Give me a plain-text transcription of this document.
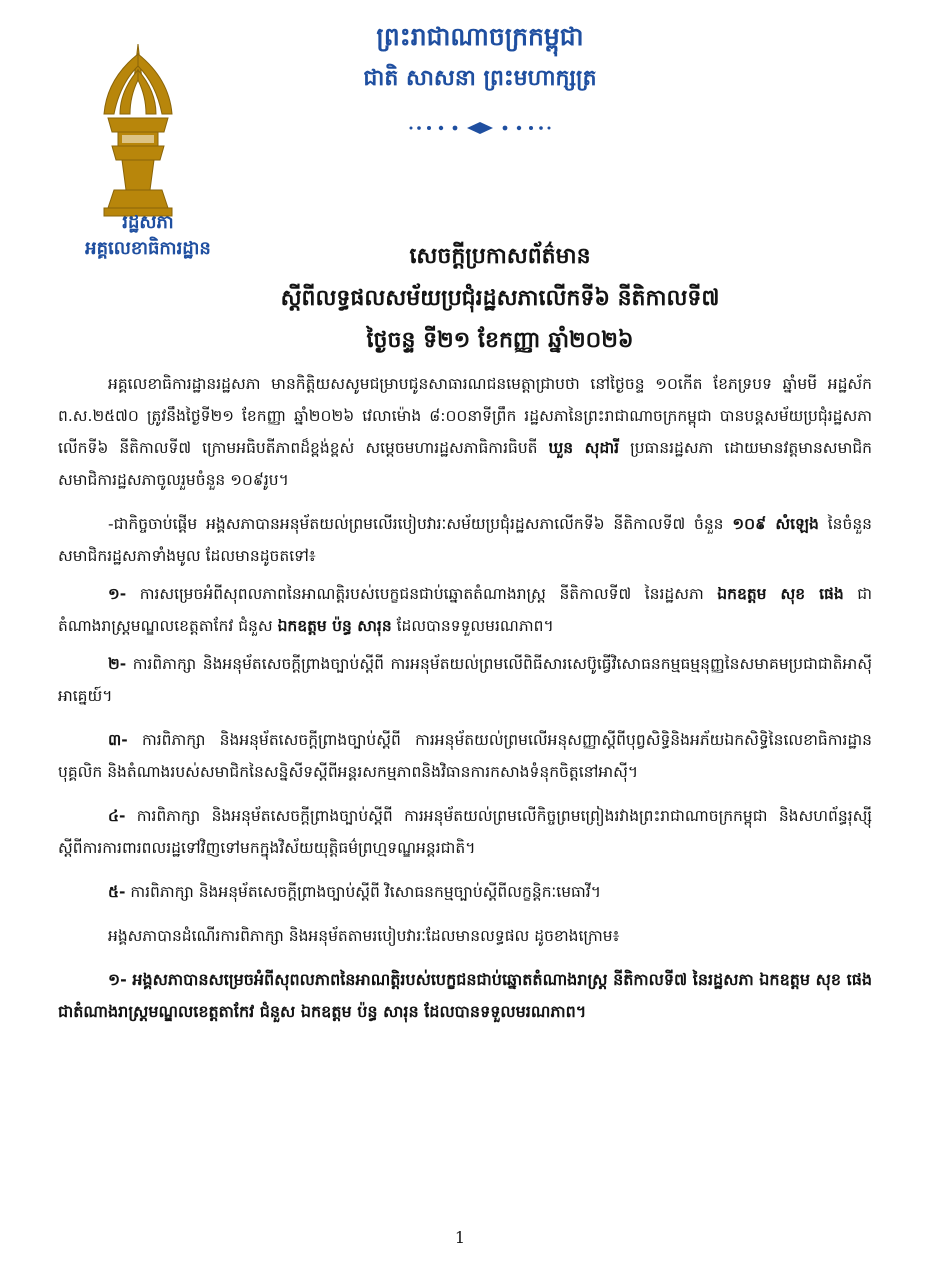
រដ្ឋសភា
អគ្គលេខាធិការដ្ឋាន
ព្រះរាជាណាចក្រកម្ពុជា
ជាតិ សាសនា ព្រះមហាក្សត្រ
សេចក្តីប្រកាសព័ត៌មាន
ស្តីពីលទ្ធផលសម័យប្រជុំរដ្ឋសភាលើកទី៦ នីតិកាលទី៧
ថ្ងៃចន្ទ ទី២១ ខែកញ្ញា ឆ្នាំ២០២៦

អគ្គលេខាធិការដ្ឋានរដ្ឋសភា មានកិត្តិយសសូមជម្រាបជូនសាធារណជនមេត្តាជ្រាបថា នៅថ្ងៃចន្ទ ១០កើត ខែភទ្របទ ឆ្នាំមមី អដ្ឋស័ក ព.ស.២៥៧០ ត្រូវនឹងថ្ងៃទី២១ ខែកញ្ញា ឆ្នាំ២០២៦ វេលាម៉ោង ៨:០០នាទីព្រឹក រដ្ឋសភានៃព្រះរាជាណាចក្រកម្ពុជា បានបន្តសម័យប្រជុំរដ្ឋសភាលើកទី៦ នីតិកាលទី៧ ក្រោមអធិបតីភាពដ៏ខ្ពង់ខ្ពស់ សម្តេចមហារដ្ឋសភាធិការធិបតី ឃួន សុដារី ប្រធានរដ្ឋសភា ដោយមានវត្តមានសមាជិក សមាជិការដ្ឋសភាចូលរួមចំនួន ១០៩រូប។

-ជាកិច្ចចាប់ផ្តើម អង្គសភាបានអនុម័តយល់ព្រមលើរបៀបវារៈសម័យប្រជុំរដ្ឋសភាលើកទី៦ នីតិកាលទី៧ ចំនួន ១០៩ សំឡេង នៃចំនួនសមាជិករដ្ឋសភាទាំងមូល ដែលមានដូចតទៅ៖

១- ការសម្រេចអំពីសុពលភាពនៃអាណត្តិរបស់បេក្ខជនជាប់ឆ្នោតតំណាងរាស្ត្រ នីតិកាលទី៧ នៃរដ្ឋសភា ឯកឧត្តម សុខ ផេង ជាតំណាងរាស្ត្រមណ្ឌលខេត្តតាកែវ ជំនួស ឯកឧត្តម ប៉ន្ធ សារុន ដែលបានទទួលមរណភាព។

២- ការពិភាក្សា និងអនុម័តសេចក្តីព្រាងច្បាប់ស្តីពី ការអនុម័តយល់ព្រមលើពិធីសារសេប៊ូធ្វើវិសោធនកម្មធម្មនុញ្ញនៃសមាគមប្រជាជាតិអាស៊ីអាគ្នេយ៍។

៣- ការពិភាក្សា និងអនុម័តសេចក្តីព្រាងច្បាប់ស្តីពី ការអនុម័តយល់ព្រមលើអនុសញ្ញាស្តីពីបុព្វសិទ្ធិនិងអភ័យឯកសិទ្ធិនៃលេខាធិការដ្ឋាន បុគ្គលិក និងតំណាងរបស់សមាជិកនៃសន្និសីទស្តីពីអន្តរសកម្មភាពនិងវិធានការកសាងទំនុកចិត្តនៅអាស៊ី។

៤- ការពិភាក្សា និងអនុម័តសេចក្តីព្រាងច្បាប់ស្តីពី ការអនុម័តយល់ព្រមលើកិច្ចព្រមព្រៀងរវាងព្រះរាជាណាចក្រកម្ពុជា និងសហព័ន្ធរុស្ស៊ី ស្តីពីការការពារពលរដ្ឋទៅវិញទៅមកក្នុងវិស័យយុត្តិធម៌ព្រហ្មទណ្ឌអន្តរជាតិ។

៥- ការពិភាក្សា និងអនុម័តសេចក្តីព្រាងច្បាប់ស្តីពី វិសោធនកម្មច្បាប់ស្តីពីលក្ខន្តិកៈមេធាវី។

អង្គសភាបានដំណើរការពិភាក្សា និងអនុម័តតាមរបៀបវារៈដែលមានលទ្ធផល ដូចខាងក្រោម៖

១- អង្គសភាបានសម្រេចអំពីសុពលភាពនៃអាណត្តិរបស់បេក្ខជនជាប់ឆ្នោតតំណាងរាស្ត្រ នីតិកាលទី៧ នៃរដ្ឋសភា ឯកឧត្តម សុខ ផេង ជាតំណាងរាស្ត្រមណ្ឌលខេត្តតាកែវ ជំនួស ឯកឧត្តម ប៉ន្ធ សារុន ដែលបានទទួលមរណភាព។

1
